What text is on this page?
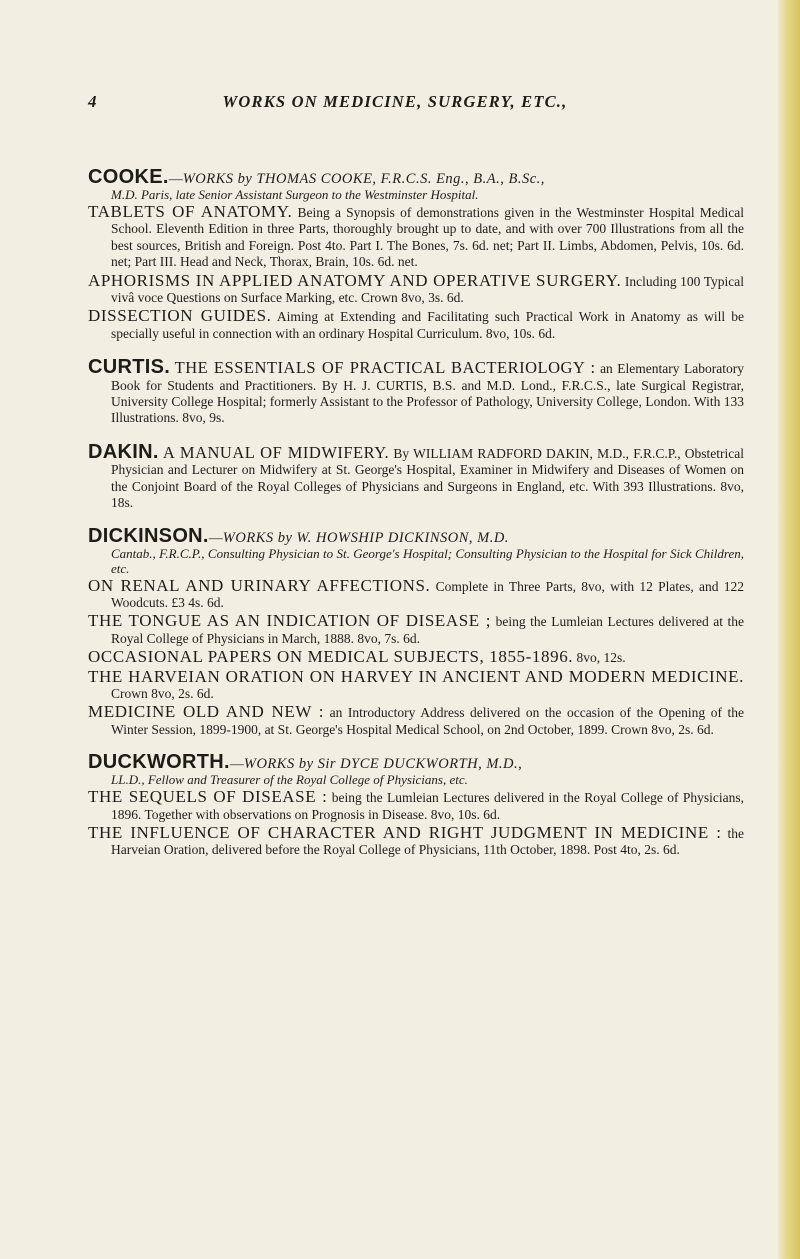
4	WORKS ON MEDICINE, SURGERY, ETC.,
COOKE.—WORKS by THOMAS COOKE, F.R.C.S. Eng., B.A., B.Sc.,
M.D. Paris, late Senior Assistant Surgeon to the Westminster Hospital.
TABLETS OF ANATOMY. Being a Synopsis of demonstrations given in the Westminster Hospital Medical School. Eleventh Edition in three Parts, thoroughly brought up to date, and with over 700 Illustrations from all the best sources, British and Foreign. Post 4to. Part I. The Bones, 7s. 6d. net; Part II. Limbs, Abdomen, Pelvis, 10s. 6d. net; Part III. Head and Neck, Thorax, Brain, 10s. 6d. net.
APHORISMS IN APPLIED ANATOMY AND OPERATIVE SURGERY. Including 100 Typical vivâ voce Questions on Surface Marking, etc. Crown 8vo, 3s. 6d.
DISSECTION GUIDES. Aiming at Extending and Facilitating such Practical Work in Anatomy as will be specially useful in connection with an ordinary Hospital Curriculum. 8vo, 10s. 6d.
CURTIS. THE ESSENTIALS OF PRACTICAL BACTERIOLOGY : an Elementary Laboratory Book for Students and Practitioners. By H. J. CURTIS, B.S. and M.D. Lond., F.R.C.S., late Surgical Registrar, University College Hospital; formerly Assistant to the Professor of Pathology, University College, London. With 133 Illustrations. 8vo, 9s.
DAKIN. A MANUAL OF MIDWIFERY. By WILLIAM RADFORD DAKIN, M.D., F.R.C.P., Obstetrical Physician and Lecturer on Midwifery at St. George's Hospital, Examiner in Midwifery and Diseases of Women on the Conjoint Board of the Royal Colleges of Physicians and Surgeons in England, etc. With 393 Illustrations. 8vo, 18s.
DICKINSON.—WORKS by W. HOWSHIP DICKINSON, M.D.
Cantab., F.R.C.P., Consulting Physician to St. George's Hospital; Consulting Physician to the Hospital for Sick Children, etc.
ON RENAL AND URINARY AFFECTIONS. Complete in Three Parts, 8vo, with 12 Plates, and 122 Woodcuts. £3 4s. 6d.
THE TONGUE AS AN INDICATION OF DISEASE ; being the Lumleian Lectures delivered at the Royal College of Physicians in March, 1888. 8vo, 7s. 6d.
OCCASIONAL PAPERS ON MEDICAL SUBJECTS, 1855-1896. 8vo, 12s.
THE HARVEIAN ORATION ON HARVEY IN ANCIENT AND MODERN MEDICINE. Crown 8vo, 2s. 6d.
MEDICINE OLD AND NEW : an Introductory Address delivered on the occasion of the Opening of the Winter Session, 1899-1900, at St. George's Hospital Medical School, on 2nd October, 1899. Crown 8vo, 2s. 6d.
DUCKWORTH.—WORKS by Sir DYCE DUCKWORTH, M.D.,
LL.D., Fellow and Treasurer of the Royal College of Physicians, etc.
THE SEQUELS OF DISEASE : being the Lumleian Lectures delivered in the Royal College of Physicians, 1896. Together with observations on Prognosis in Disease. 8vo, 10s. 6d.
THE INFLUENCE OF CHARACTER AND RIGHT JUDGMENT IN MEDICINE : the Harveian Oration, delivered before the Royal College of Physicians, 11th October, 1898. Post 4to, 2s. 6d.
